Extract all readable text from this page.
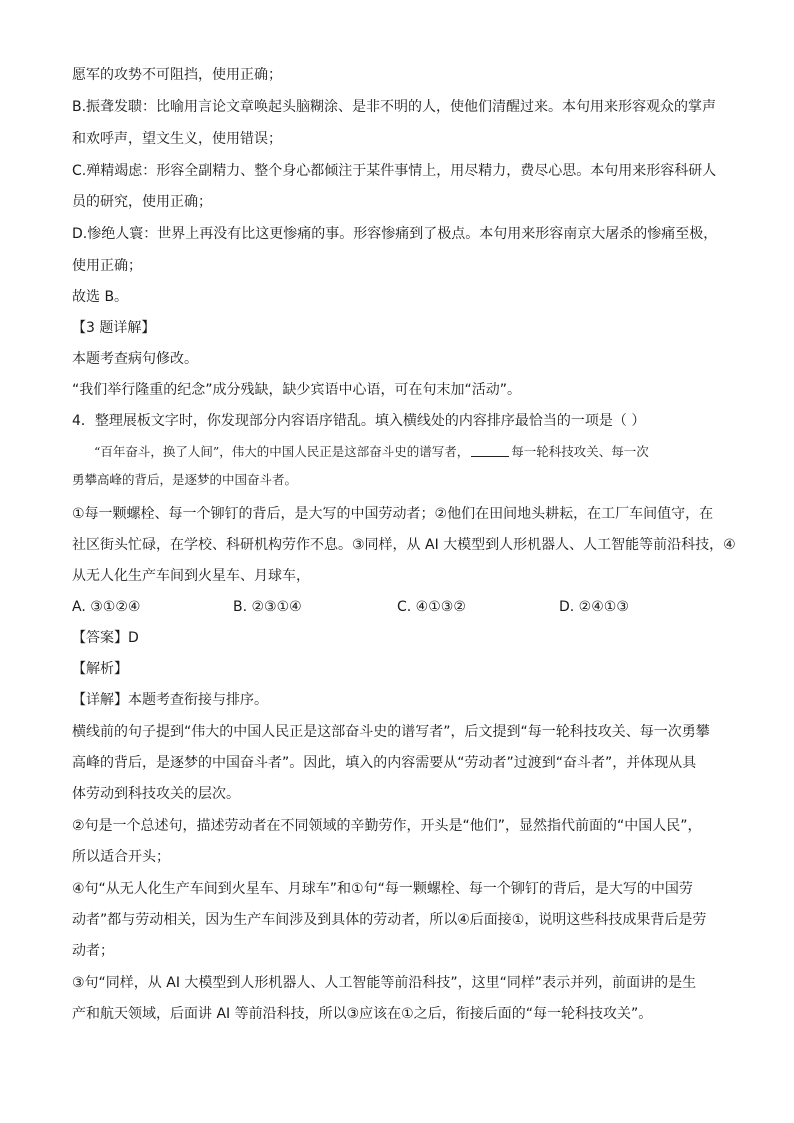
愿军的攻势不可阻挡，使用正确；
B.振聋发聩：比喻用言论文章唤起头脑糊涂、是非不明的人，使他们清醒过来。本句用来形容观众的掌声
和欢呼声，望文生义，使用错误；
C.殚精竭虑：形容全副精力、整个身心都倾注于某件事情上，用尽精力，费尽心思。本句用来形容科研人
员的研究，使用正确；
D.惨绝人寰：世界上再没有比这更惨痛的事。形容惨痛到了极点。本句用来形容南京大屠杀的惨痛至极，
使用正确；
故选 B。
【3 题详解】
本题考查病句修改。
“我们举行隆重的纪念”成分残缺，缺少宾语中心语，可在句末加“活动”。
4．整理展板文字时，你发现部分内容语序错乱。填入横线处的内容排序最恰当的一项是（ ）
“百年奋斗，换了人间”，伟大的中国人民正是这部奋斗史的谱写者，	每一轮科技攻关、每一次
勇攀高峰的背后，是逐梦的中国奋斗者。
①每一颗螺栓、每一个铆钉的背后，是大写的中国劳动者；②他们在田间地头耕耘，在工厂车间值守，在
社区街头忙碌，在学校、科研机构劳作不息。③同样，从 AI 大模型到人形机器人、人工智能等前沿科技，④
从无人化生产车间到火星车、月球车，
A. ③①②④	B. ②③①④	C. ④①③②	D. ②④①③
【答案】D
【解析】
【详解】本题考查衔接与排序。
横线前的句子提到“伟大的中国人民正是这部奋斗史的谱写者”，后文提到“每一轮科技攻关、每一次勇攀
高峰的背后，是逐梦的中国奋斗者”。因此，填入的内容需要从“劳动者”过渡到“奋斗者”，并体现从具
体劳动到科技攻关的层次。
②句是一个总述句，描述劳动者在不同领域的辛勤劳作，开头是“他们”，显然指代前面的“中国人民”，
所以适合开头；
④句“从无人化生产车间到火星车、月球车”和①句“每一颗螺栓、每一个铆钉的背后，是大写的中国劳
动者”都与劳动相关，因为生产车间涉及到具体的劳动者，所以④后面接①，说明这些科技成果背后是劳
动者；
③句“同样，从 AI 大模型到人形机器人、人工智能等前沿科技”，这里“同样”表示并列，前面讲的是生
产和航天领域，后面讲 AI 等前沿科技，所以③应该在①之后，衔接后面的“每一轮科技攻关”。
